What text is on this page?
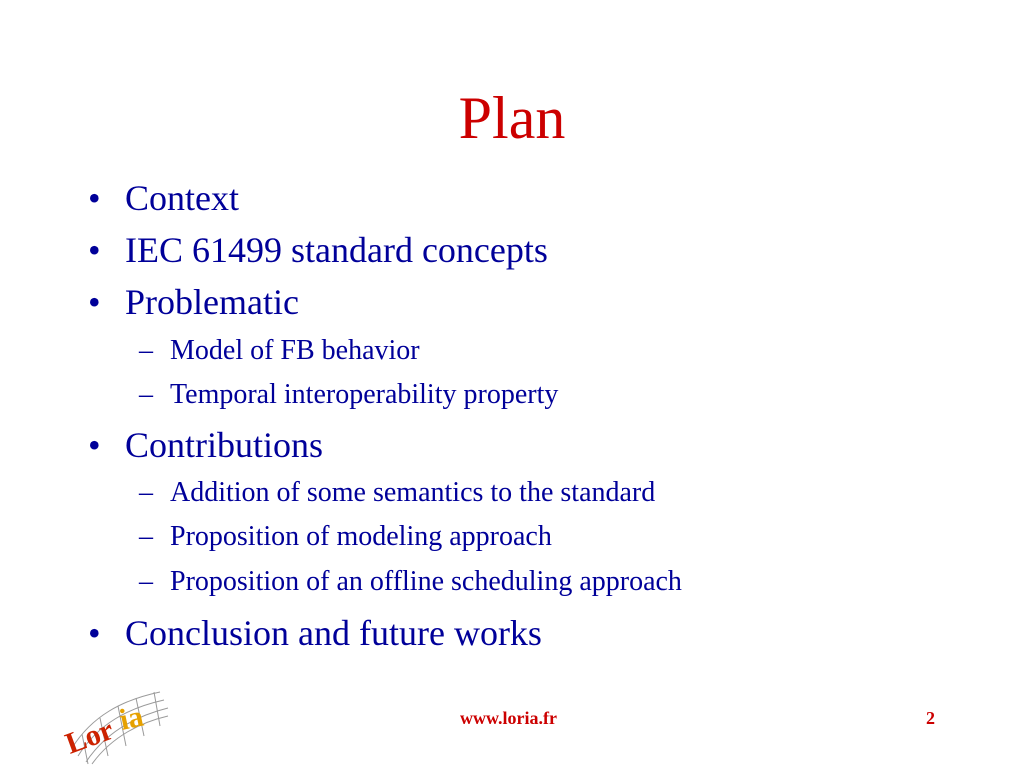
Plan
• Context
• IEC 61499 standard concepts
• Problematic
– Model of FB behavior
– Temporal interoperability property
• Contributions
– Addition of some semantics to the standard
– Proposition of modeling approach
– Proposition of an offline scheduling approach
• Conclusion and future works
Lor
ia	www.loria.fr	2
